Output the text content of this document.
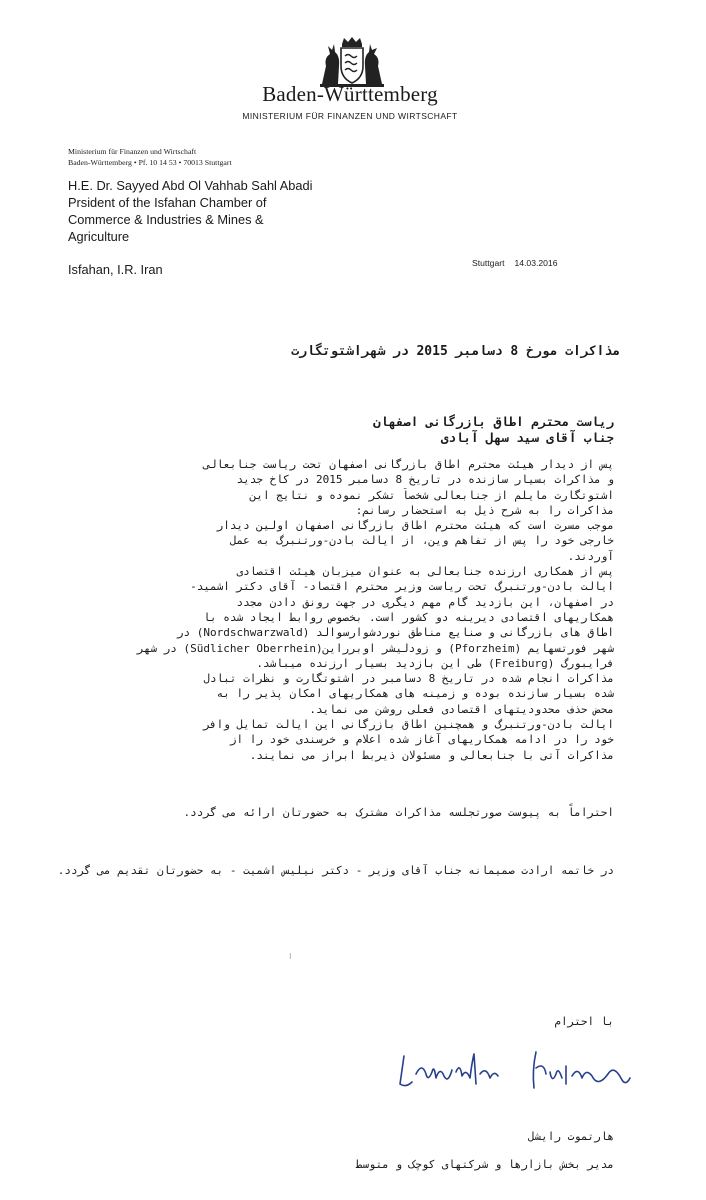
Baden-Württemberg
MINISTERIUM FÜR FINANZEN UND WIRTSCHAFT
Ministerium für Finanzen und Wirtschaft
Baden-Württemberg • Pf. 10 14 53 • 70013 Stuttgart
H.E. Dr. Sayyed Abd Ol Vahhab Sahl Abadi
Prsident of the Isfahan Chamber of
Commerce & Industries & Mines &
Agriculture
Isfahan, I.R. Iran	Stuttgart 14.03.2016
مذاکرات مورخ 8 دسامبر 2015 در شهراشتوتگارت
ریاست محترم اطاق بازرگانی اصفهان
جناب آقای سید سهل آبادی
پس از دیدار هیئت محترم اطاق بازرگانی اصفهان تحت ریاست جنابعالی
و مذاکرات بسیار سازنده در تاریخ 8 دسامبر 2015 در کاخ جدید
اشتوتگارت مایلم از جنابعالی شخصاً تشکر نموده و نتایج این
مذاکرات را به شرح ذیل به استحضار رسانم:
موجب مسرت است که هیئت محترم اطاق بازرگانی اصفهان اولین دیدار
خارجی خود را پس از تفاهم وین، از ایالت بادن-ورتنبرگ به عمل
آوردند.
پس از همکاری ارزنده جنابعالی به عنوان میزبان هیئت اقتصادی
ایالت بادن-ورتنبرگ تحت ریاست وزیر محترم اقتصاد- آقای دکتر اشمید-
در اصفهان، این بازدید گام مهم دیگری در جهت رونق دادن مجدد
همکاریهای اقتصادی دیرینه دو کشور است. بخصوص روابط ایجاد شده با
اطاق های بازرگانی و صنایع مناطق نوردشوارسوالد (Nordschwarzwald) در
شهر فورتسهایم (Pforzheim) و زودلیشر اوبرراین(Südlicher Oberrhein) در شهر
فرایبورگ (Freiburg) طی این بازدید بسیار ارزنده میباشد.
مذاکرات انجام شده در تاریخ 8 دسامبر در اشتوتگارت و نظرات تبادل
شده بسیار سازنده بوده و زمینه های همکاریهای امکان پذیر را به
محض حذف محدودیتهای اقتصادی فعلی روشن می نماید.
ایالت بادن-ورتنبرگ و همچنین اطاق بازرگانی این ایالت تمایل وافر
خود را در ادامه همکاریهای آغاز شده اعلام و خرسندی خود را از
مذاکرات آتی با جنابعالی و مسئولان ذیربط ابراز می نمایند.
احتراماً به پیوست صورتجلسه مذاکرات مشترک به حضورتان ارائه می گردد.
در خاتمه ارادت صمیمانه جناب آقای وزیر - دکتر نیلیس اشمیت - به حضورتان تقدیم می گردد.
⁝
با احترام
هارتموت رایشل
مدیر بخش بازارها و شرکتهای کوچک و متوسط
